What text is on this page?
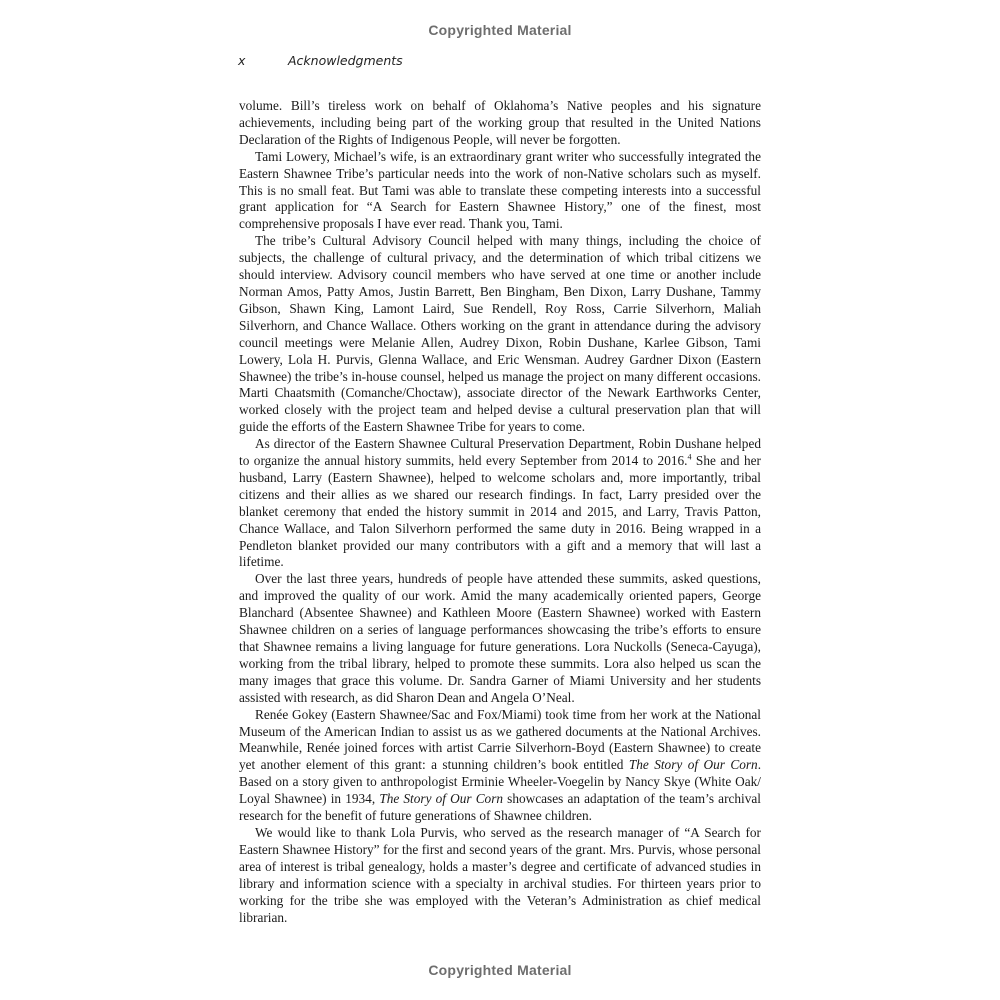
Copyrighted Material
x	Acknowledgments

volume. Bill’s tireless work on behalf of Oklahoma’s Native peoples and his signature achievements, including being part of the working group that resulted in the United Nations Declaration of the Rights of Indigenous People, will never be forgotten.

Tami Lowery, Michael’s wife, is an extraordinary grant writer who successfully integrated the Eastern Shawnee Tribe’s particular needs into the work of non-Native scholars such as myself. This is no small feat. But Tami was able to translate these competing interests into a successful grant application for “A Search for Eastern Shawnee History,” one of the finest, most comprehensive proposals I have ever read. Thank you, Tami.

The tribe’s Cultural Advisory Council helped with many things, including the choice of subjects, the challenge of cultural privacy, and the determination of which tribal citizens we should interview. Advisory council members who have served at one time or another include Norman Amos, Patty Amos, Justin Barrett, Ben Bingham, Ben Dixon, Larry Dushane, Tammy Gibson, Shawn King, Lamont Laird, Sue Rendell, Roy Ross, Carrie Silverhorn, Maliah Silverhorn, and Chance Wallace. Others working on the grant in attendance during the advisory council meetings were Melanie Allen, Audrey Dixon, Robin Dushane, Karlee Gibson, Tami Lowery, Lola H. Purvis, Glenna Wallace, and Eric Wensman. Audrey Gardner Dixon (Eastern Shawnee) the tribe’s in-house counsel, helped us manage the project on many different occasions. Marti Chaatsmith (Comanche/Choctaw), associate director of the Newark Earthworks Center, worked closely with the project team and helped devise a cultural preservation plan that will guide the efforts of the Eastern Shawnee Tribe for years to come.

As director of the Eastern Shawnee Cultural Preservation Department, Robin Dushane helped to organize the annual history summits, held every September from 2014 to 2016.$^4$ She and her husband, Larry (Eastern Shawnee), helped to welcome scholars and, more importantly, tribal citizens and their allies as we shared our research findings. In fact, Larry presided over the blanket ceremony that ended the history summit in 2014 and 2015, and Larry, Travis Patton, Chance Wallace, and Talon Silverhorn performed the same duty in 2016. Being wrapped in a Pendleton blanket provided our many contributors with a gift and a memory that will last a lifetime.

Over the last three years, hundreds of people have attended these summits, asked questions, and improved the quality of our work. Amid the many academically oriented papers, George Blanchard (Absentee Shawnee) and Kathleen Moore (Eastern Shawnee) worked with Eastern Shawnee children on a series of language performances showcasing the tribe’s efforts to ensure that Shawnee remains a living language for future generations. Lora Nuckolls (Seneca-Cayuga), working from the tribal library, helped to promote these summits. Lora also helped us scan the many images that grace this volume. Dr. Sandra Garner of Miami University and her students assisted with research, as did Sharon Dean and Angela O’Neal.

Renée Gokey (Eastern Shawnee/Sac and Fox/Miami) took time from her work at the National Museum of the American Indian to assist us as we gathered documents at the National Archives. Meanwhile, Renée joined forces with artist Carrie Silverhorn-Boyd (Eastern Shawnee) to create yet another element of this grant: a stunning children’s book entitled The Story of Our Corn. Based on a story given to anthropologist Erminie Wheeler-Voegelin by Nancy Skye (White Oak/ Loyal Shawnee) in 1934, The Story of Our Corn showcases an adaptation of the team’s archival research for the benefit of future generations of Shawnee children.

We would like to thank Lola Purvis, who served as the research manager of “A Search for Eastern Shawnee History” for the first and second years of the grant. Mrs. Purvis, whose personal area of interest is tribal genealogy, holds a master’s degree and certificate of advanced studies in library and information science with a specialty in archival studies. For thirteen years prior to working for the tribe she was employed with the Veteran’s Administration as chief medical librarian.

Copyrighted Material
